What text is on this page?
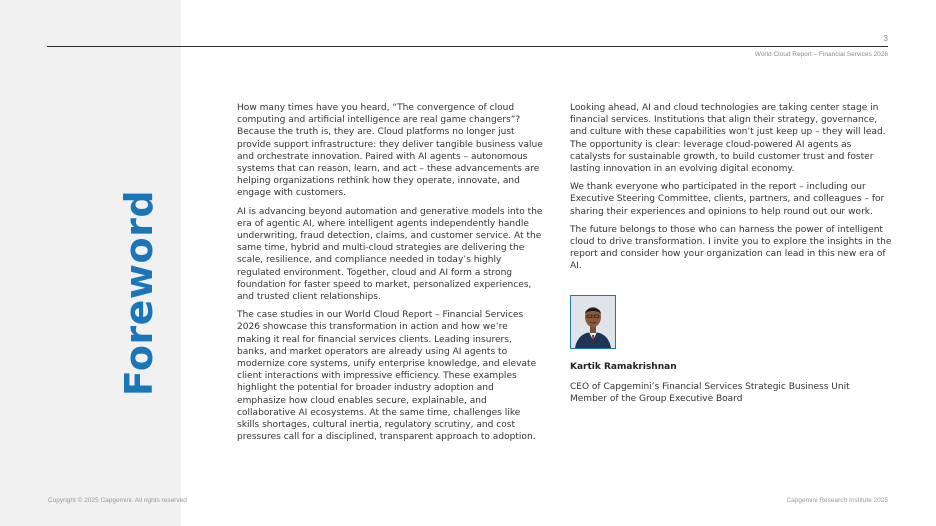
Foreword
3
World Cloud Report – Financial Services 2026

How many times have you heard, “The convergence of cloud computing and artificial intelligence are real game changers”? Because the truth is, they are. Cloud platforms no longer just provide support infrastructure: they deliver tangible business value and orchestrate innovation. Paired with AI agents – autonomous systems that can reason, learn, and act – these advancements are helping organizations rethink how they operate, innovate, and engage with customers.

AI is advancing beyond automation and generative models into the era of agentic AI, where intelligent agents independently handle underwriting, fraud detection, claims, and customer service. At the same time, hybrid and multi-cloud strategies are delivering the scale, resilience, and compliance needed in today’s highly regulated environment. Together, cloud and AI form a strong foundation for faster speed to market, personalized experiences, and trusted client relationships.

The case studies in our World Cloud Report – Financial Services 2026 showcase this transformation in action and how we’re making it real for financial services clients. Leading insurers, banks, and market operators are already using AI agents to modernize core systems, unify enterprise knowledge, and elevate client interactions with impressive efficiency. These examples highlight the potential for broader industry adoption and emphasize how cloud enables secure, explainable, and collaborative AI ecosystems. At the same time, challenges like skills shortages, cultural inertia, regulatory scrutiny, and cost pressures call for a disciplined, transparent approach to adoption.

Looking ahead, AI and cloud technologies are taking center stage in financial services. Institutions that align their strategy, governance, and culture with these capabilities won’t just keep up – they will lead. The opportunity is clear: leverage cloud-powered AI agents as catalysts for sustainable growth, to build customer trust and foster lasting innovation in an evolving digital economy.

We thank everyone who participated in the report – including our Executive Steering Committee, clients, partners, and colleagues – for sharing their experiences and opinions to help round out our work.

The future belongs to those who can harness the power of intelligent cloud to drive transformation. I invite you to explore the insights in the report and consider how your organization can lead in this new era of AI.

Kartik Ramakrishnan
CEO of Capgemini’s Financial Services Strategic Business Unit
Member of the Group Executive Board
Copyright © 2025 Capgemini. All rights reserved	Capgemini Research Institute 2025
